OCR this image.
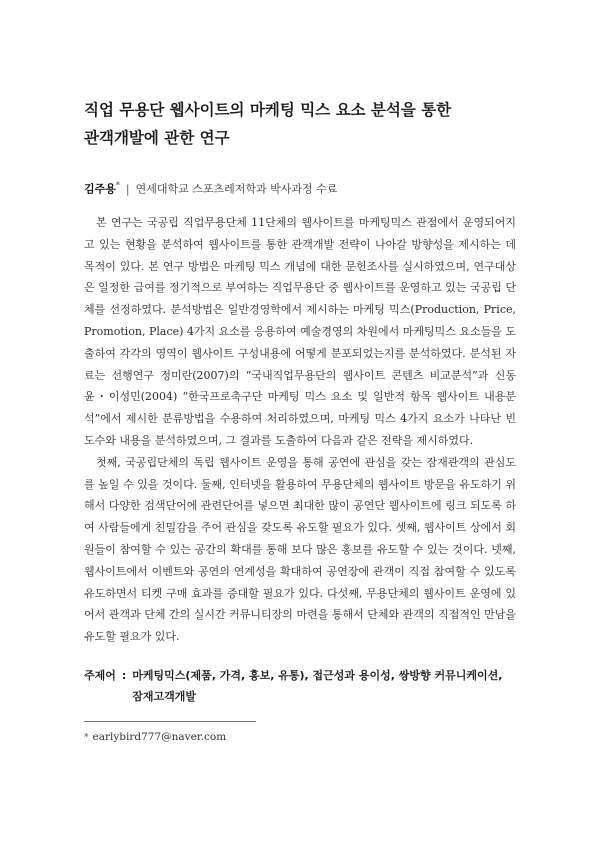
직업 무용단 웹사이트의 마케팅 믹스 요소 분석을 통한
관객개발에 관한 연구
김주용* | 연세대학교 스포츠레저학과 박사과정 수료

본 연구는 국공립 직업무용단체 11단체의 웹사이트를 마케팅믹스 관점에서 운영되어지고 있는 현황을 분석하여 웹사이트를 통한 관객개발 전략이 나아갈 방향성을 제시하는 데 목적이 있다. 본 연구 방법은 마케팅 믹스 개념에 대한 문헌조사를 실시하였으며, 연구대상은 일정한 급여를 정기적으로 부여하는 직업무용단 중 웹사이트를 운영하고 있는 국공립 단체를 선정하였다. 분석방법은 일반경영학에서 제시하는 마케팅 믹스(Production, Price, Promotion, Place) 4가지 요소를 응용하여 예술경영의 차원에서 마케팅믹스 요소들을 도출하여 각각의 영역이 웹사이트 구성내용에 어떻게 분포되었는지를 분석하였다. 분석된 자료는 선행연구 정미란(2007)의 “국내직업무용단의 웹사이트 콘텐츠 비교분석”과 신동윤・이성민(2004) “한국프로축구단 마케팅 믹스 요소 및 일반적 항목 웹사이트 내용분석”에서 제시한 분류방법을 수용하여 처리하였으며, 마케팅 믹스 4가지 요소가 나타난 빈도수와 내용을 분석하였으며, 그 결과를 도출하여 다음과 같은 전략을 제시하였다.

첫째, 국공립단체의 독립 웹사이트 운영을 통해 공연에 관심을 갖는 잠재관객의 관심도를 높일 수 있을 것이다. 둘째, 인터넷을 활용하여 무용단체의 웹사이트 방문을 유도하기 위해서 다양한 검색단어에 관련단어를 넣으면 최대한 많이 공연단 웹사이트에 링크 되도록 하여 사람들에게 친밀감을 주어 관심을 갖도록 유도할 필요가 있다. 셋째, 웹사이트 상에서 회원들이 참여할 수 있는 공간의 확대를 통해 보다 많은 홍보를 유도할 수 있는 것이다. 넷째, 웹사이트에서 이벤트와 공연의 연계성을 확대하여 공연장에 관객이 직접 참여할 수 있도록 유도하면서 티켓 구매 효과를 증대할 필요가 있다. 다섯째, 무용단체의 웹사이트 운영에 있어서 관객과 단체 간의 실시간 커뮤니티장의 마련을 통해서 단체와 관객의 직접적인 만남을 유도할 필요가 있다.

주제어 : 마케팅믹스(제품, 가격, 홍보, 유통), 접근성과 용이성, 쌍방향 커뮤니케이션, 잠재고객개발
* earlybird777@naver.com
